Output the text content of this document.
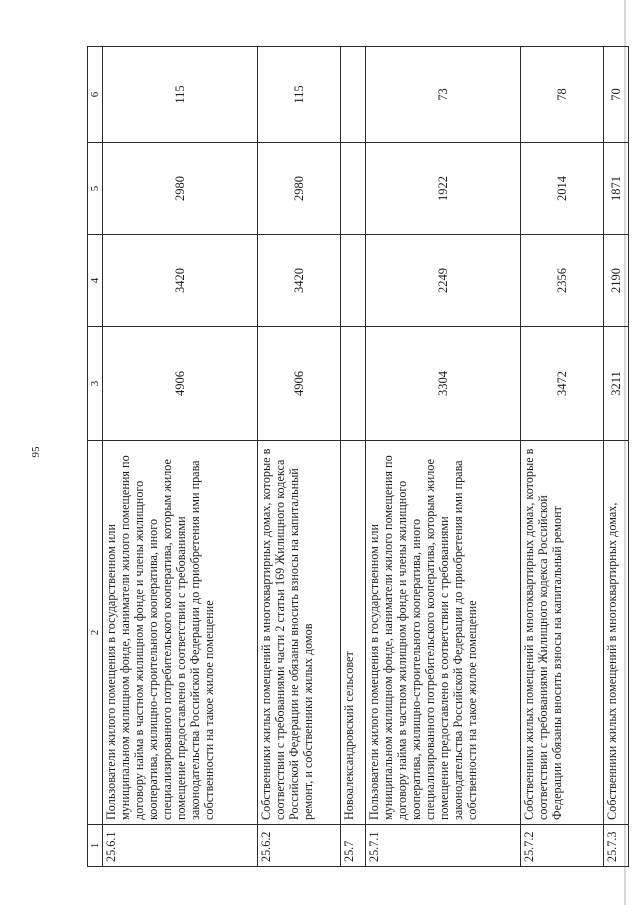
95
1	2	3	4	5	6
25.6.1	Пользователи жилого помещения в государственном или муниципальном жилищном фонде, наниматели жилого помещения по договору найма в частном жилищном фонде и члены жилищного кооператива, жилищно-строительного кооператива, иного специализированного потребительского кооператива, которым жилое помещение предоставлено в соответствии с требованиями законодательства Российской Федерации до приобретения ими права собственности на такое жилое помещение	4906	3420	2980	115
25.6.2	Собственники жилых помещений в многоквартирных домах, которые в соответствии с требованиями части 2 статьи 169 Жилищного кодекса Российской Федерации не обязаны вносить взносы на капитальный ремонт, и собственники жилых домов	4906	3420	2980	115
25.7	Новоалександровский сельсовет				
25.7.1	Пользователи жилого помещения в государственном или муниципальном жилищном фонде, наниматели жилого помещения по договору найма в частном жилищном фонде и члены жилищного кооператива, жилищно-строительного кооператива, иного специализированного потребительского кооператива, которым жилое помещение предоставлено в соответствии с требованиями законодательства Российской Федерации до приобретения ими права собственности на такое жилое помещение	3304	2249	1922	73
25.7.2	Собственники жилых помещений в многоквартирных домах, которые в соответствии с требованиями Жилищного кодекса Российской Федерации обязаны вносить взносы на капитальный ремонт	3472	2356	2014	78
25.7.3	Собственники жилых помещений в многоквартирных домах,	3211	2190	1871	70
